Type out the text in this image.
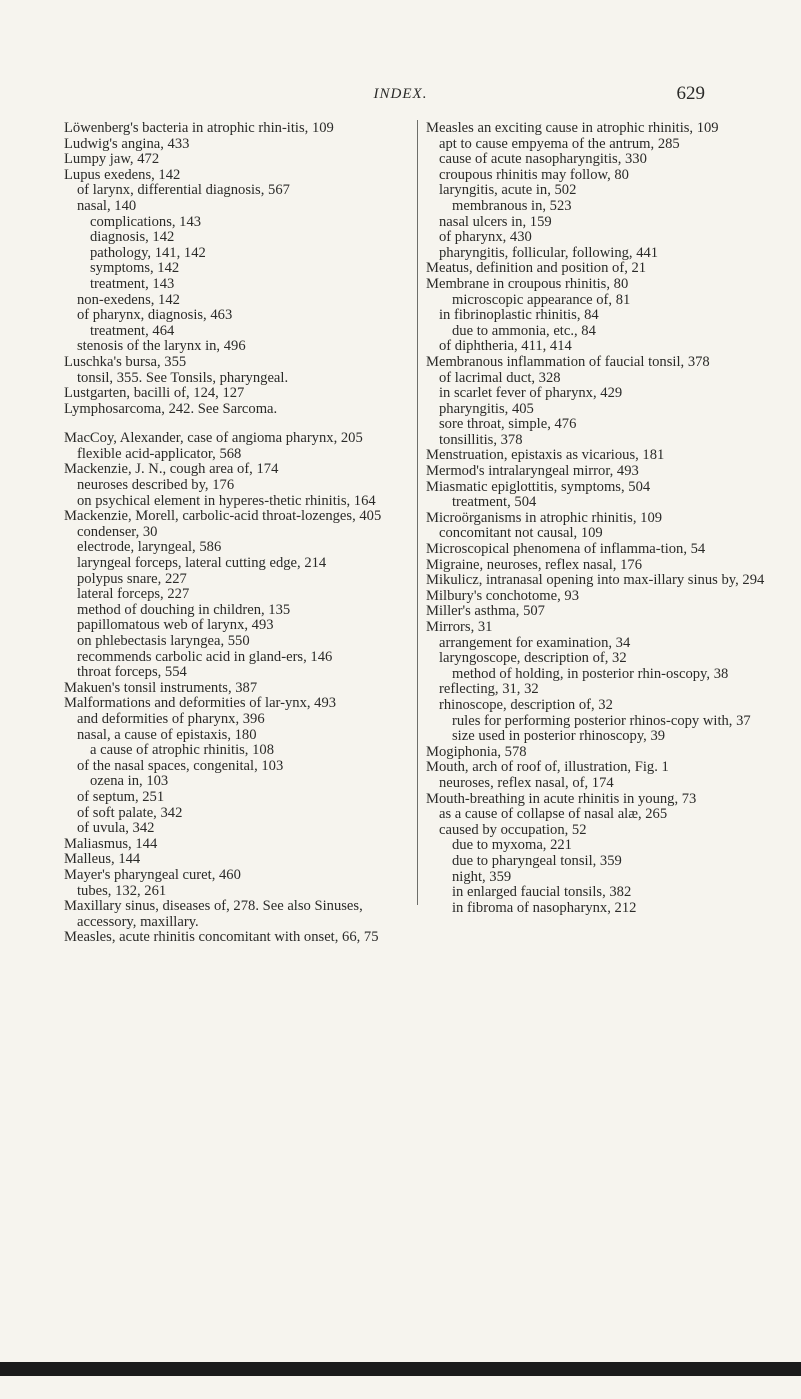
INDEX.	629

Löwenberg's bacteria in atrophic rhin-itis, 109

Ludwig's angina, 433

Lumpy jaw, 472

Lupus exedens, 142

of larynx, differential diagnosis, 567

nasal, 140

complications, 143

diagnosis, 142

pathology, 141, 142

symptoms, 142

treatment, 143

non-exedens, 142

of pharynx, diagnosis, 463

treatment, 464

stenosis of the larynx in, 496

Luschka's bursa, 355

tonsil, 355. See Tonsils, pharyngeal.

Lustgarten, bacilli of, 124, 127

Lymphosarcoma, 242. See Sarcoma.

MacCoy, Alexander, case of angioma pharynx, 205

flexible acid-applicator, 568

Mackenzie, J. N., cough area of, 174

neuroses described by, 176

on psychical element in hyperes-thetic rhinitis, 164

Mackenzie, Morell, carbolic-acid throat-lozenges, 405

condenser, 30

electrode, laryngeal, 586

laryngeal forceps, lateral cutting edge, 214

polypus snare, 227

lateral forceps, 227

method of douching in children, 135

papillomatous web of larynx, 493

on phlebectasis laryngea, 550

recommends carbolic acid in gland-ers, 146

throat forceps, 554

Makuen's tonsil instruments, 387

Malformations and deformities of lar-ynx, 493

and deformities of pharynx, 396

nasal, a cause of epistaxis, 180

a cause of atrophic rhinitis, 108

of the nasal spaces, congenital, 103

ozena in, 103

of septum, 251

of soft palate, 342

of uvula, 342

Maliasmus, 144

Malleus, 144

Mayer's pharyngeal curet, 460

tubes, 132, 261

Maxillary sinus, diseases of, 278. See also Sinuses, accessory, maxillary.

Measles, acute rhinitis concomitant with onset, 66, 75

Measles an exciting cause in atrophic rhinitis, 109

apt to cause empyema of the antrum, 285

cause of acute nasopharyngitis, 330

croupous rhinitis may follow, 80

laryngitis, acute in, 502

membranous in, 523

nasal ulcers in, 159

of pharynx, 430

pharyngitis, follicular, following, 441

Meatus, definition and position of, 21

Membrane in croupous rhinitis, 80

microscopic appearance of, 81

in fibrinoplastic rhinitis, 84

due to ammonia, etc., 84

of diphtheria, 411, 414

Membranous inflammation of faucial tonsil, 378

of lacrimal duct, 328

in scarlet fever of pharynx, 429

pharyngitis, 405

sore throat, simple, 476

tonsillitis, 378

Menstruation, epistaxis as vicarious, 181

Mermod's intralaryngeal mirror, 493

Miasmatic epiglottitis, symptoms, 504

treatment, 504

Microörganisms in atrophic rhinitis, 109

concomitant not causal, 109

Microscopical phenomena of inflamma-tion, 54

Migraine, neuroses, reflex nasal, 176

Mikulicz, intranasal opening into max-illary sinus by, 294

Milbury's conchotome, 93

Miller's asthma, 507

Mirrors, 31

arrangement for examination, 34

laryngoscope, description of, 32

method of holding, in posterior rhin-oscopy, 38

reflecting, 31, 32

rhinoscope, description of, 32

rules for performing posterior rhinos-copy with, 37

size used in posterior rhinoscopy, 39

Mogiphonia, 578

Mouth, arch of roof of, illustration, Fig. 1

neuroses, reflex nasal, of, 174

Mouth-breathing in acute rhinitis in young, 73

as a cause of collapse of nasal alæ, 265

caused by occupation, 52

due to myxoma, 221

due to pharyngeal tonsil, 359

night, 359

in enlarged faucial tonsils, 382

in fibroma of nasopharynx, 212
